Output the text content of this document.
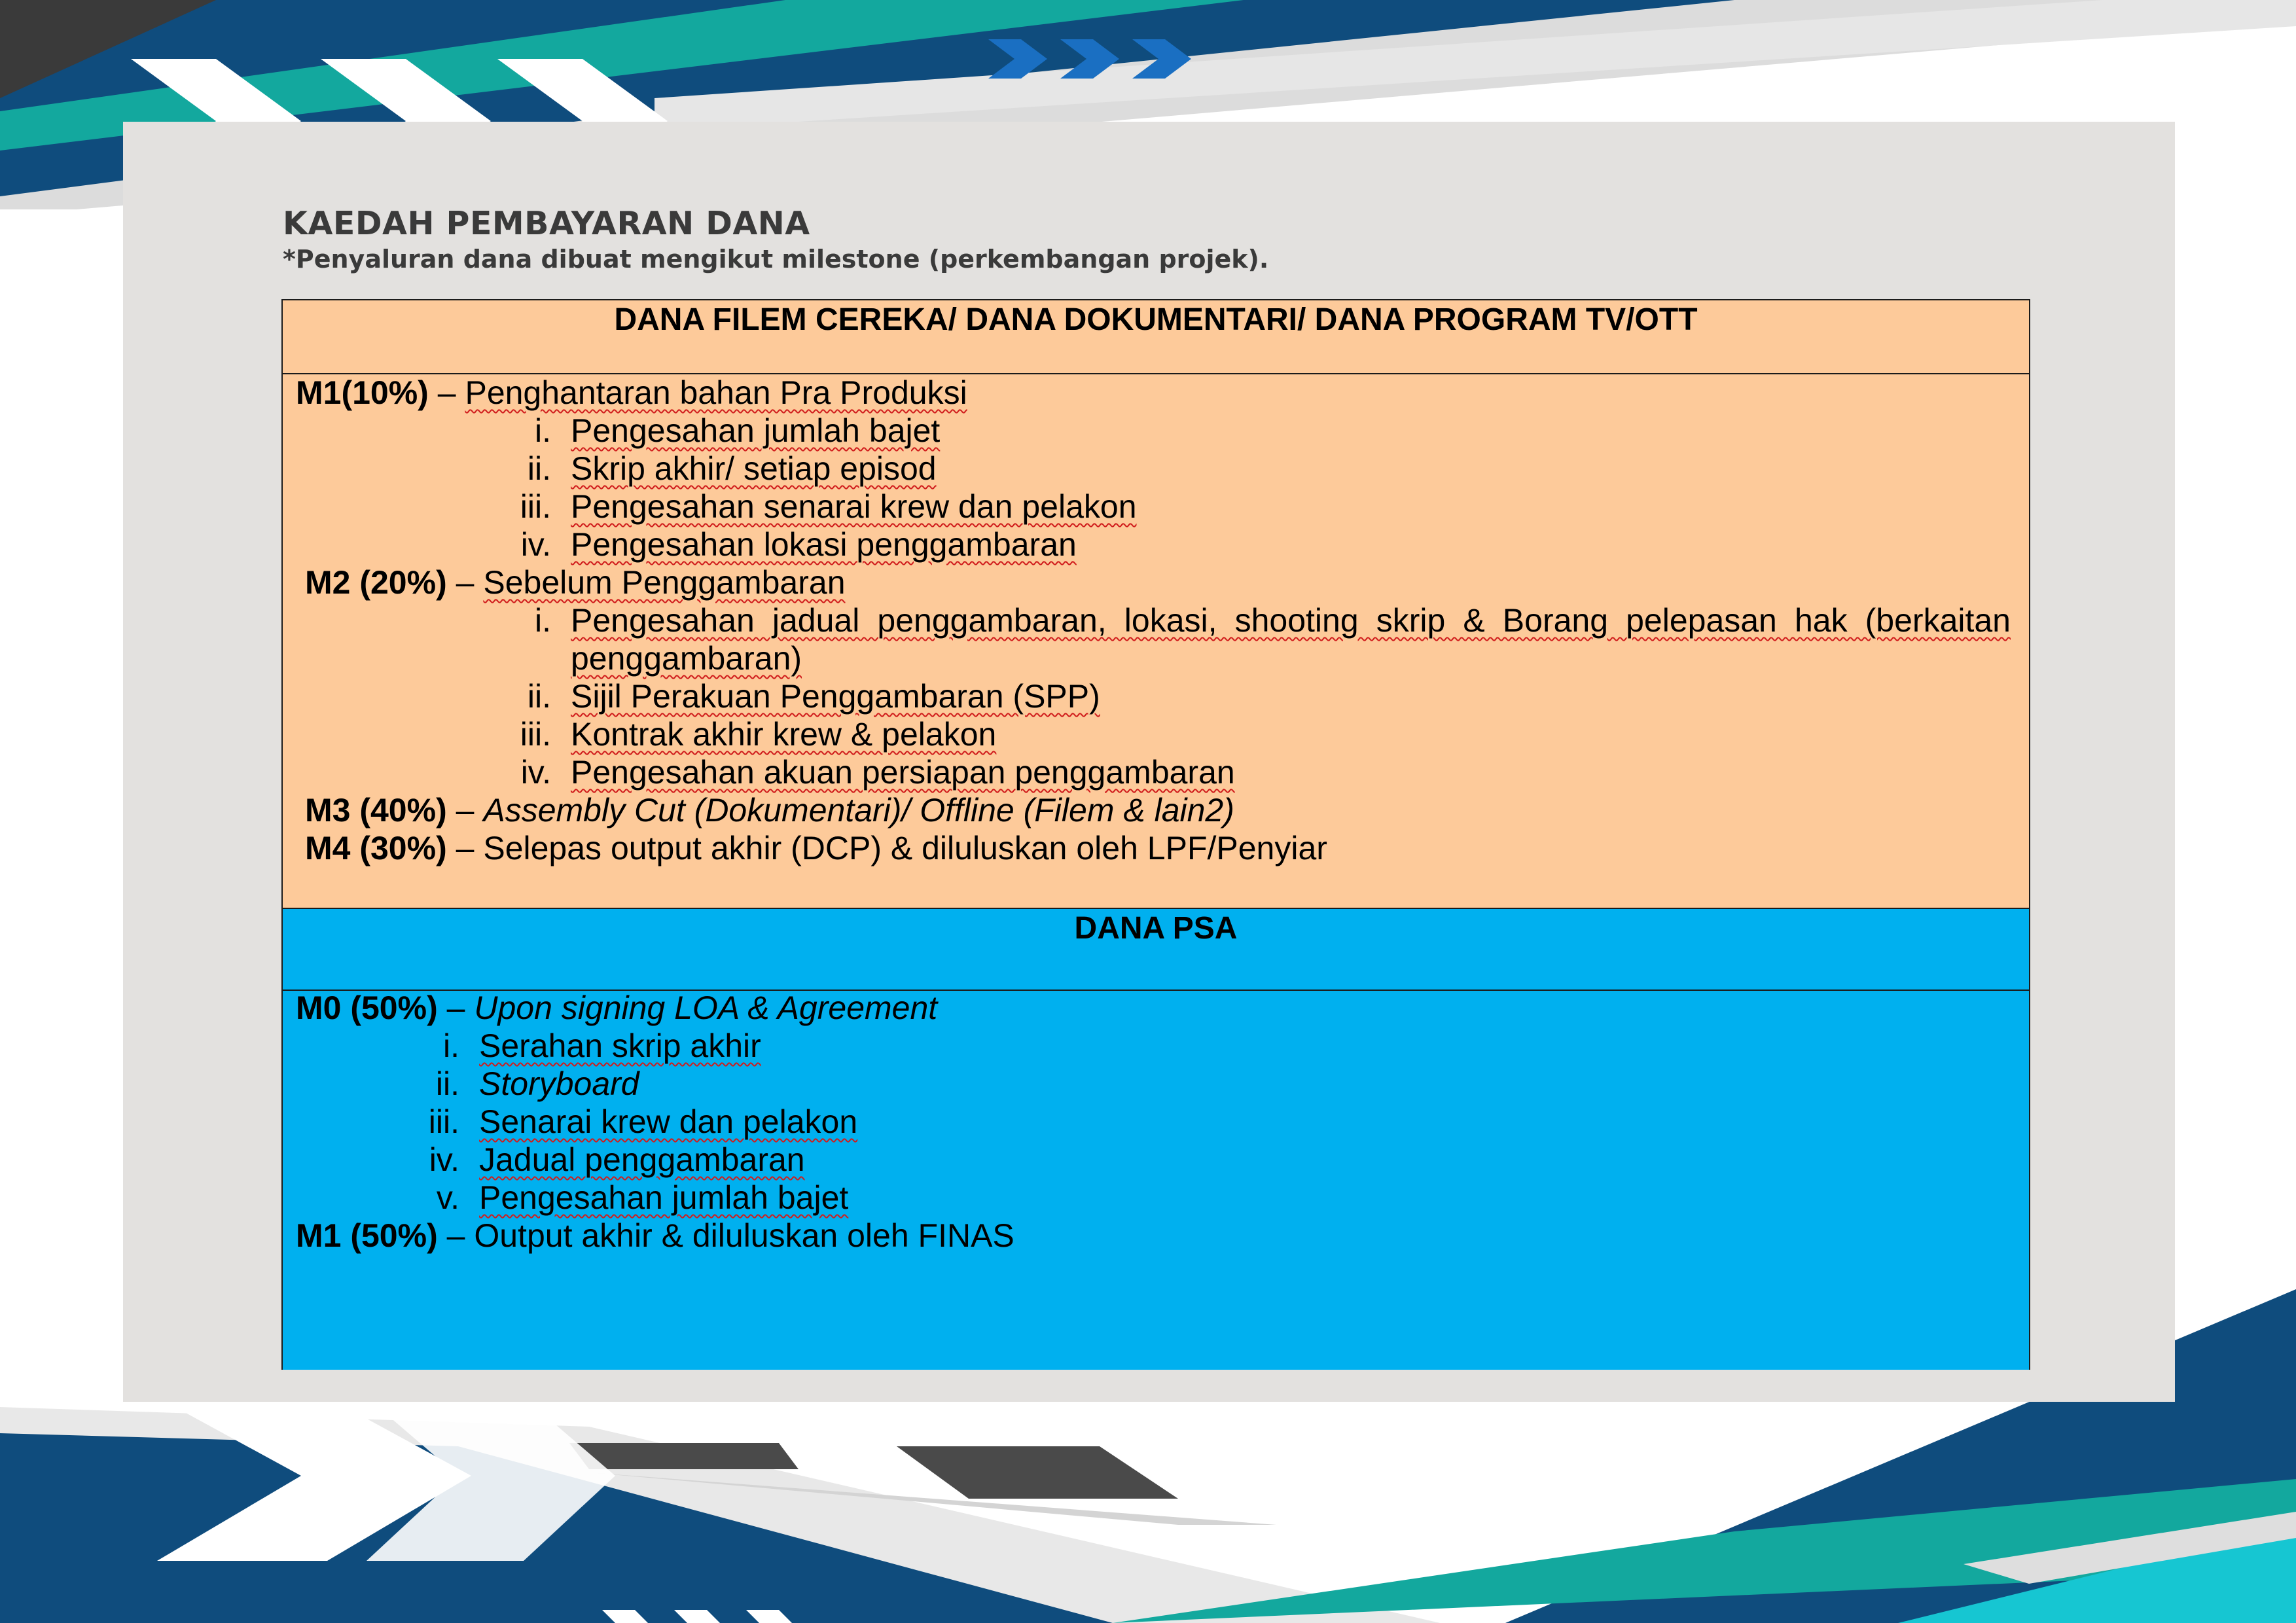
KAEDAH PEMBAYARAN DANA
*Penyaluran dana dibuat mengikut milestone (perkembangan projek).
DANA FILEM CEREKA/ DANA DOKUMENTARI/ DANA PROGRAM TV/OTT
M1(10%) – Penghantaran bahan Pra Produksi
i. Pengesahan jumlah bajet
ii. Skrip akhir/ setiap episod
iii. Pengesahan senarai krew dan pelakon
iv. Pengesahan lokasi penggambaran
M2 (20%) – Sebelum Penggambaran
i. Pengesahan jadual penggambaran, lokasi, shooting skrip & Borang pelepasan hak (berkaitan
penggambaran)
ii. Sijil Perakuan Penggambaran (SPP)
iii. Kontrak akhir krew & pelakon
iv. Pengesahan akuan persiapan penggambaran
M3 (40%) – Assembly Cut (Dokumentari)/ Offline (Filem & lain2)
M4 (30%) – Selepas output akhir (DCP) & diluluskan oleh LPF/Penyiar
DANA PSA
M0 (50%) – Upon signing LOA & Agreement
i. Serahan skrip akhir
ii. Storyboard
iii. Senarai krew dan pelakon
iv. Jadual penggambaran
v. Pengesahan jumlah bajet
M1 (50%) – Output akhir & diluluskan oleh FINAS
